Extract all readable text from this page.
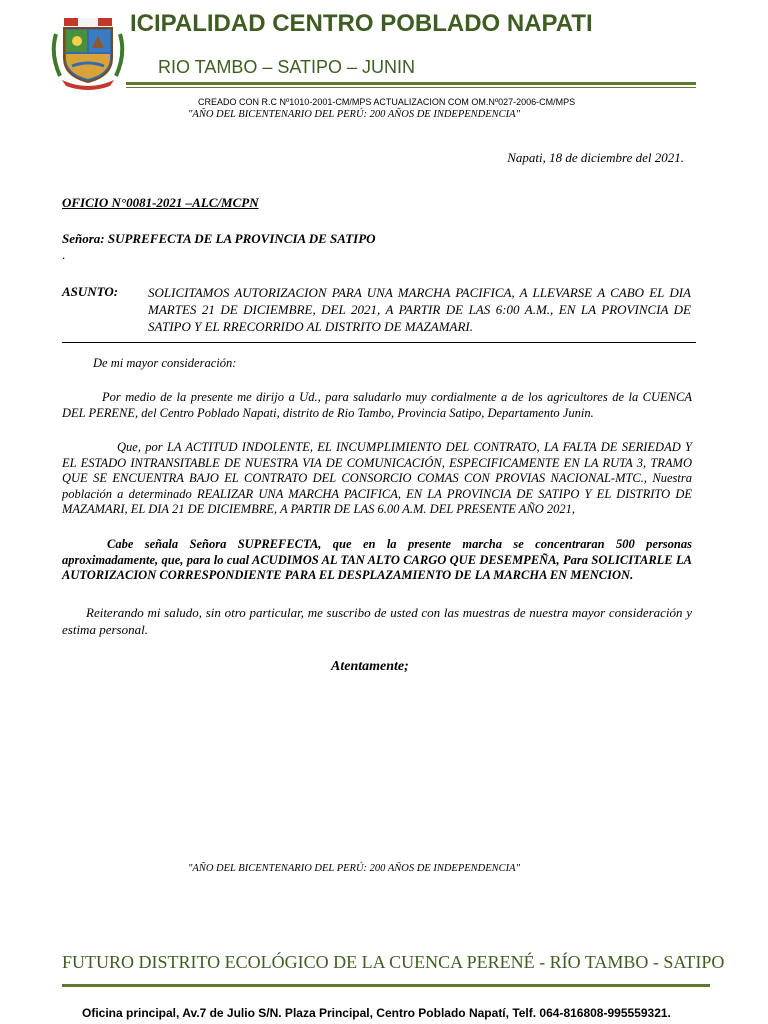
ICIPALIDAD CENTRO POBLADO NAPATI
RIO TAMBO – SATIPO – JUNIN
CREADO CON R.C Nº1010-2001-CM/MPS ACTUALIZACION COM OM.Nº027-2006-CM/MPS
"AÑO DEL BICENTENARIO DEL PERÚ: 200 AÑOS DE INDEPENDENCIA"
Napati, 18 de diciembre del 2021.
OFICIO N°0081-2021 –ALC/MCPN
Señora: SUPREFECTA DE LA PROVINCIA DE SATIPO
.
ASUNTO: SOLICITAMOS AUTORIZACION PARA UNA MARCHA PACIFICA, A LLEVARSE A CABO EL DIA MARTES 21 DE DICIEMBRE, DEL 2021, A PARTIR DE LAS 6:00 A.M., EN LA PROVINCIA DE SATIPO Y EL RRECORRIDO AL DISTRITO DE MAZAMARI.
De mi mayor consideración:
Por medio de la presente me dirijo a Ud., para saludarlo muy cordialmente a de los agricultores de la CUENCA DEL PERENE, del Centro Poblado Napati, distrito de Rio Tambo, Provincia Satipo, Departamento Junin.
Que, por LA ACTITUD INDOLENTE, EL INCUMPLIMIENTO DEL CONTRATO, LA FALTA DE SERIEDAD Y EL ESTADO INTRANSITABLE DE NUESTRA VIA DE COMUNICACIÓN, ESPECIFICAMENTE EN LA RUTA 3, TRAMO QUE SE ENCUENTRA BAJO EL CONTRATO DEL CONSORCIO COMAS CON PROVIAS NACIONAL-MTC., Nuestra población a determinado REALIZAR UNA MARCHA PACIFICA, EN LA PROVINCIA DE SATIPO Y EL DISTRITO DE MAZAMARI, EL DIA 21 DE DICIEMBRE, A PARTIR DE LAS 6.00 A.M. DEL PRESENTE AÑO 2021,
Cabe señala Señora SUPREFECTA, que en la presente marcha se concentraran 500 personas aproximadamente, que, para lo cual ACUDIMOS AL TAN ALTO CARGO QUE DESEMPEÑA, Para SOLICITARLE LA AUTORIZACION CORRESPONDIENTE PARA EL DESPLAZAMIENTO DE LA MARCHA EN MENCION.
Reiterando mi saludo, sin otro particular, me suscribo de usted con las muestras de nuestra mayor consideración y estima personal.
Atentamente;
"AÑO DEL BICENTENARIO DEL PERÚ: 200 AÑOS DE INDEPENDENCIA"
FUTURO DISTRITO ECOLÓGICO DE LA CUENCA PERENÉ - RÍO TAMBO - SATIPO
Oficina principal, Av.7 de Julio S/N. Plaza Principal, Centro Poblado Napatí, Telf. 064-816808-995559321.
